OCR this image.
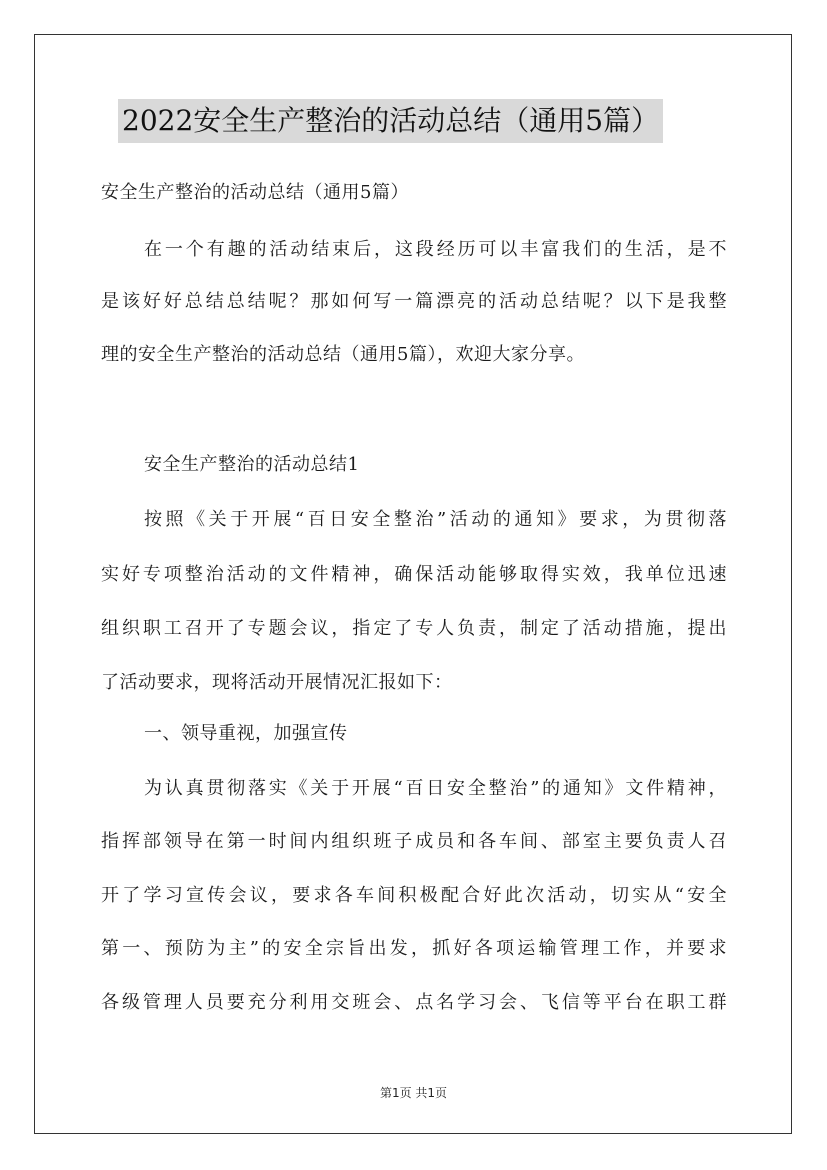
2022安全生产整治的活动总结（通用5篇）
安全生产整治的活动总结（通用5篇）
在一个有趣的活动结束后，这段经历可以丰富我们的生活，是不
是该好好总结总结呢？那如何写一篇漂亮的活动总结呢？以下是我整
理的安全生产整治的活动总结（通用5篇），欢迎大家分享。
安全生产整治的活动总结1
按照《关于开展“百日安全整治”活动的通知》要求，为贯彻落
实好专项整治活动的文件精神，确保活动能够取得实效，我单位迅速
组织职工召开了专题会议，指定了专人负责，制定了活动措施，提出
了活动要求，现将活动开展情况汇报如下：
一、领导重视，加强宣传
为认真贯彻落实《关于开展“百日安全整治”的通知》文件精神，
指挥部领导在第一时间内组织班子成员和各车间、部室主要负责人召
开了学习宣传会议，要求各车间积极配合好此次活动，切实从“安全
第一、预防为主”的安全宗旨出发，抓好各项运输管理工作，并要求
各级管理人员要充分利用交班会、点名学习会、飞信等平台在职工群
第1页 共1页
